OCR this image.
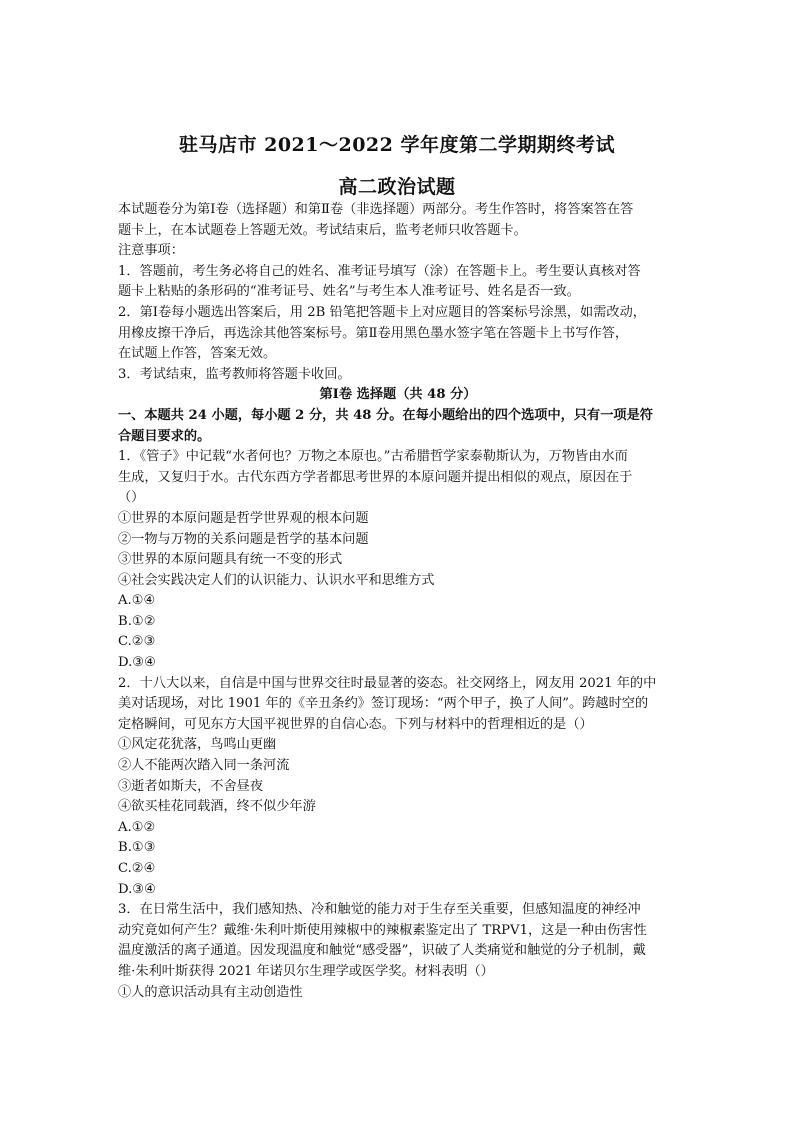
驻马店市 2021～2022 学年度第二学期期终考试
高二政治试题

本试题卷分为第Ⅰ卷（选择题）和第Ⅱ卷（非选择题）两部分。考生作答时，将答案答在答

题卡上，在本试题卷上答题无效。考试结束后，监考老师只收答题卡。

注意事项：

1．答题前，考生务必将自己的姓名、准考证号填写（涂）在答题卡上。考生要认真核对答

题卡上粘贴的条形码的“准考证号、姓名”与考生本人准考证号、姓名是否一致。

2．第Ⅰ卷每小题选出答案后，用 2B 铅笔把答题卡上对应题目的答案标号涂黑，如需改动，

用橡皮擦干净后，再选涂其他答案标号。第Ⅱ卷用黑色墨水签字笔在答题卡上书写作答，

在试题上作答，答案无效。

3．考试结束，监考教师将答题卡收回。

第Ⅰ卷 选择题（共 48 分）

一、本题共 24 小题，每小题 2 分，共 48 分。在每小题给出的四个选项中，只有一项是符

合题目要求的。

1．《管子》中记载“水者何也？万物之本原也。”古希腊哲学家泰勒斯认为，万物皆由水而

生成，又复归于水。古代东西方学者都思考世界的本原问题并提出相似的观点，原因在于

（）

①世界的本原问题是哲学世界观的根本问题

②一物与万物的关系问题是哲学的基本问题

③世界的本原问题具有统一不变的形式

④社会实践决定人们的认识能力、认识水平和思维方式

A.①④

B.①②

C.②③

D.③④

2．十八大以来，自信是中国与世界交往时最显著的姿态。社交网络上，网友用 2021 年的中

美对话现场，对比 1901 年的《辛丑条约》签订现场：“两个甲子，换了人间”。跨越时空的

定格瞬间，可见东方大国平视世界的自信心态。下列与材料中的哲理相近的是（）

①风定花犹落，鸟鸣山更幽

②人不能两次踏入同一条河流

③逝者如斯夫，不舍昼夜

④欲买桂花同载酒，终不似少年游

A.①②

B.①③

C.②④

D.③④

3．在日常生活中，我们感知热、冷和触觉的能力对于生存至关重要，但感知温度的神经冲

动究竟如何产生？戴维·朱利叶斯使用辣椒中的辣椒素鉴定出了 TRPV1，这是一种由伤害性

温度激活的离子通道。因发现温度和触觉“感受器”，识破了人类痛觉和触觉的分子机制，戴

维·朱利叶斯获得 2021 年诺贝尔生理学或医学奖。材料表明（）

①人的意识活动具有主动创造性
